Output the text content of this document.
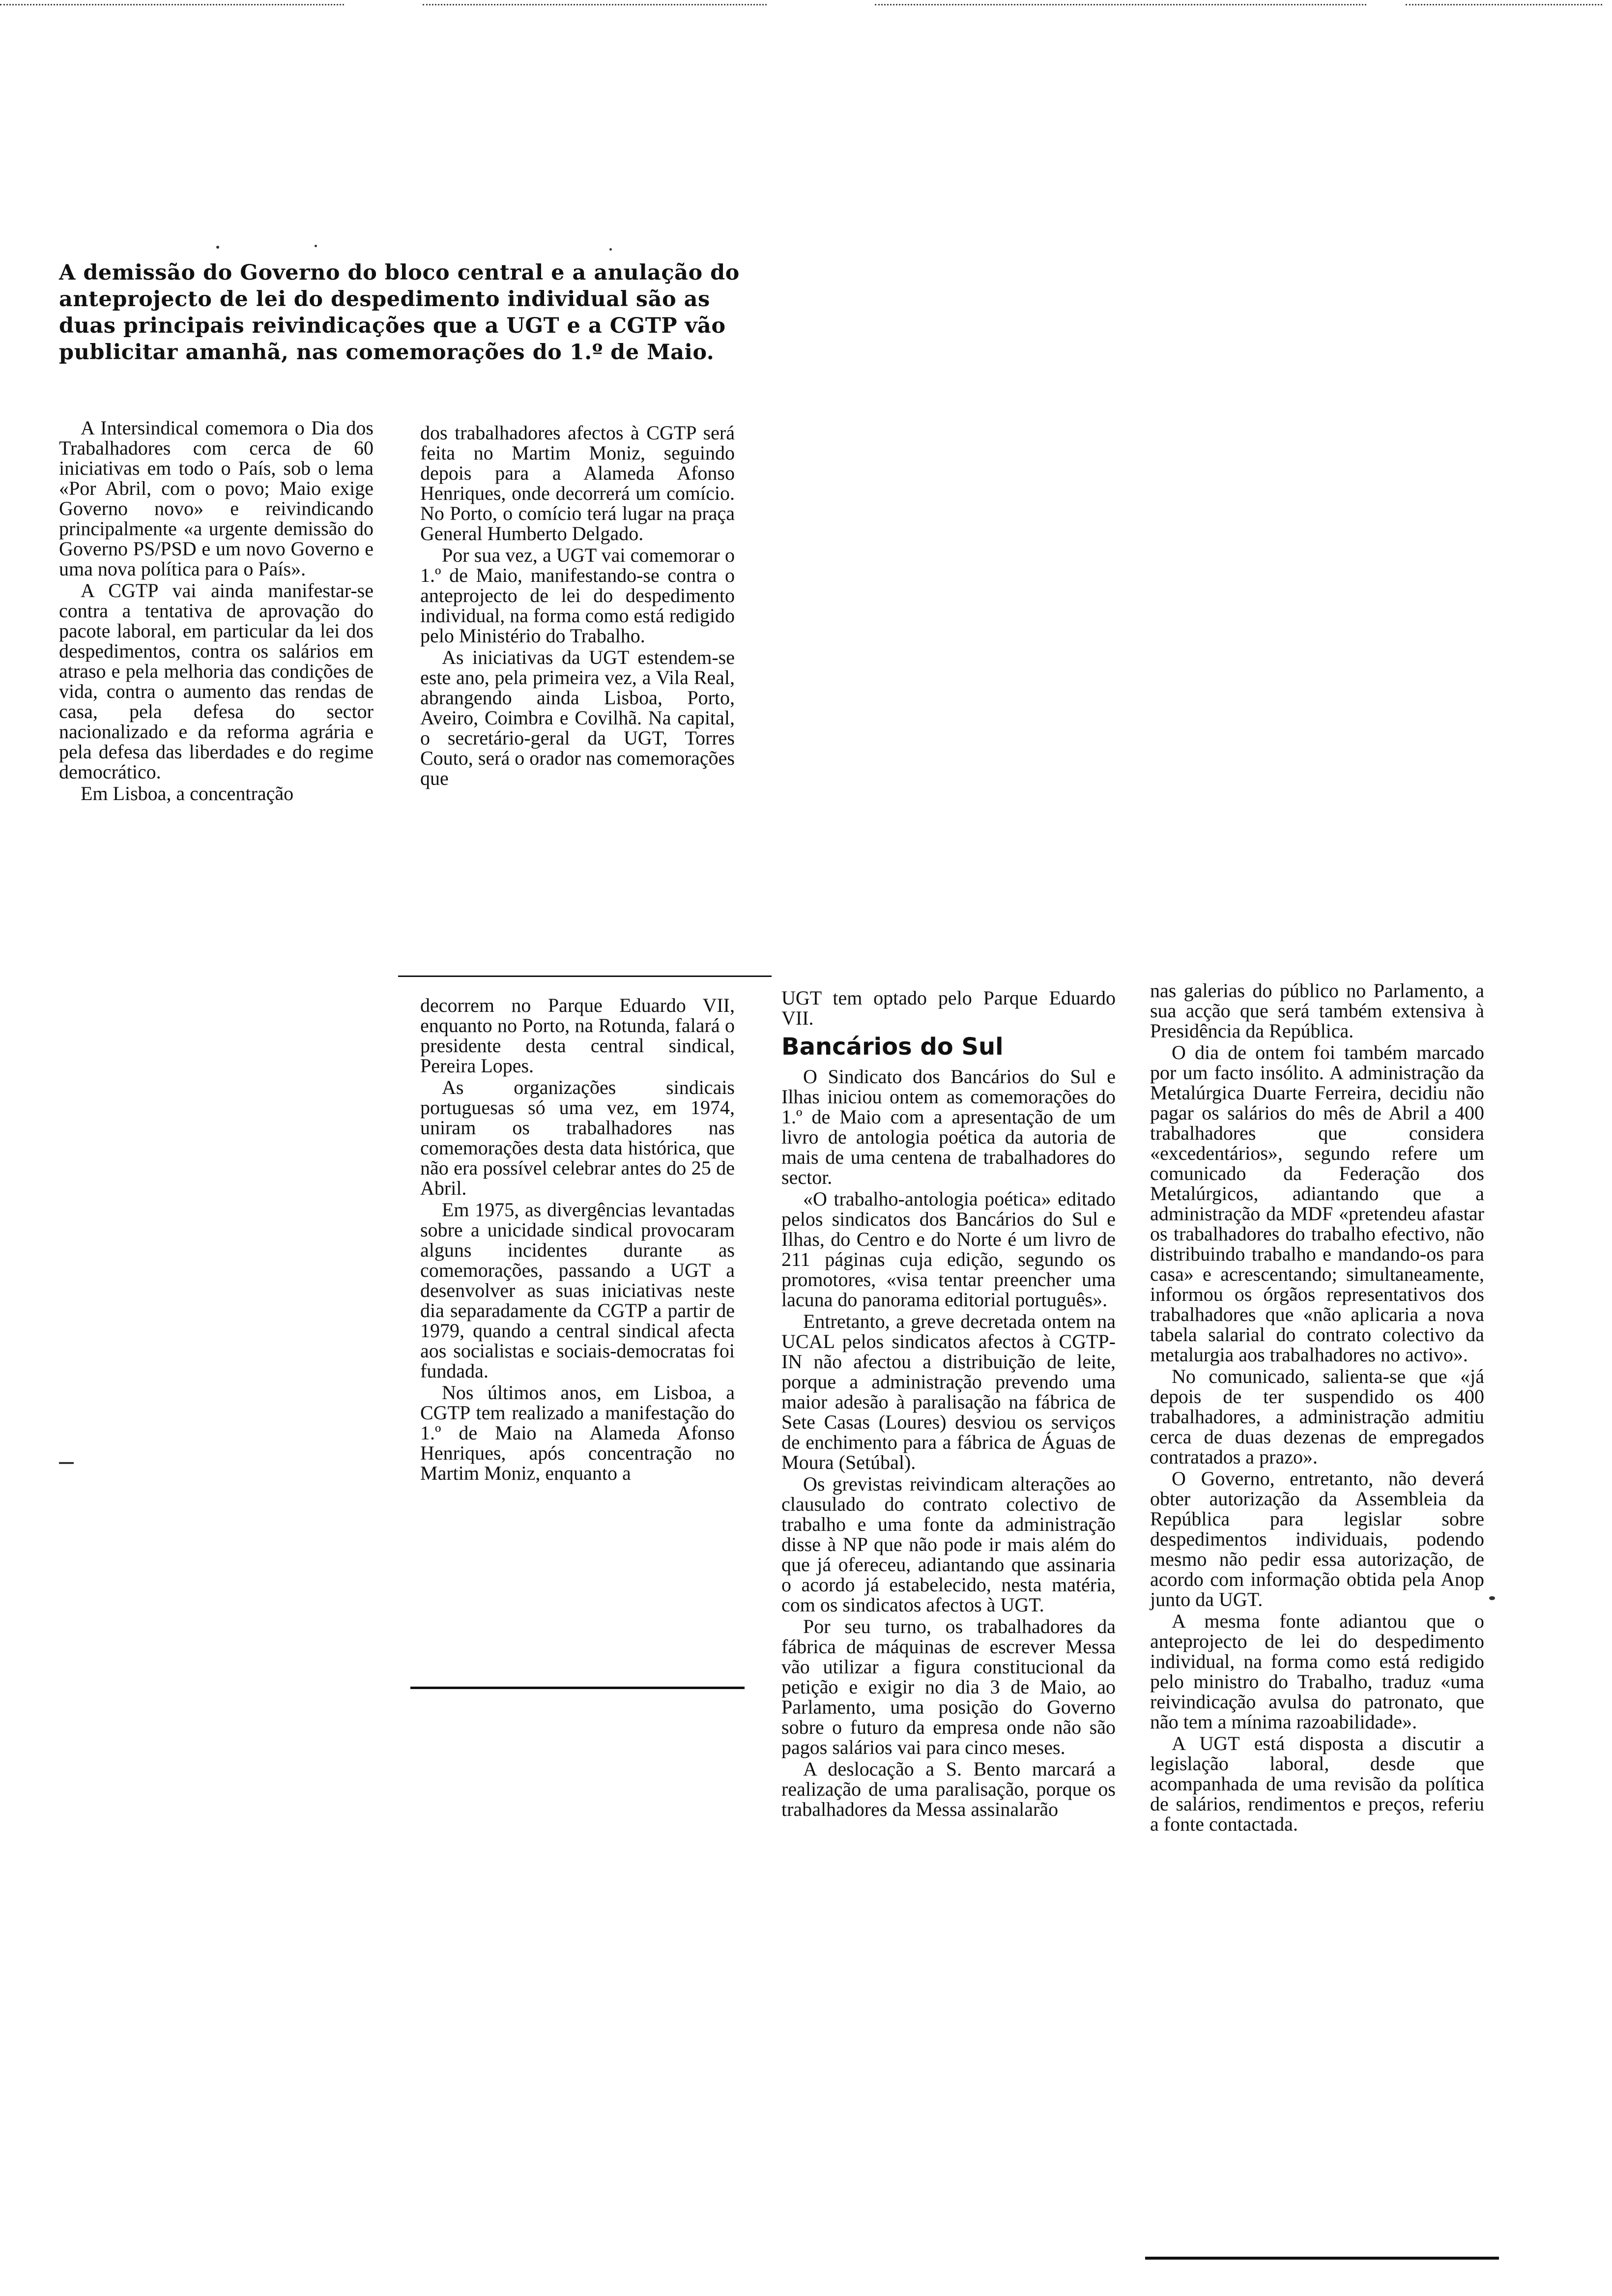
A demissão do Governo do bloco central e a anulação do anteprojecto de lei do despedimento individual são as duas principais reivindicações que a UGT e a CGTP vão publicitar amanhã, nas comemorações do 1.º de Maio.

A Intersindical comemora o Dia dos Trabalhadores com cerca de 60 iniciativas em todo o País, sob o lema «Por Abril, com o povo; Maio exige Governo novo» e reivindicando principalmente «a urgente demissão do Governo PS/PSD e um novo Governo e uma nova política para o País».

A CGTP vai ainda manifestar-se contra a tentativa de aprovação do pacote laboral, em particular da lei dos despedimentos, contra os salários em atraso e pela melhoria das condições de vida, contra o aumento das rendas de casa, pela defesa do sector nacionalizado e da reforma agrária e pela defesa das liberdades e do regime democrático.

Em Lisboa, a concentração

dos trabalhadores afectos à CGTP será feita no Martim Moniz, seguindo depois para a Alameda Afonso Henriques, onde decorrerá um comício. No Porto, o comício terá lugar na praça General Humberto Delgado.

Por sua vez, a UGT vai comemorar o 1.º de Maio, manifestando-se contra o anteprojecto de lei do despedimento individual, na forma como está redigido pelo Ministério do Trabalho.

As iniciativas da UGT estendem-se este ano, pela primeira vez, a Vila Real, abrangendo ainda Lisboa, Porto, Aveiro, Coimbra e Covilhã. Na capital, o secretário-geral da UGT, Torres Couto, será o orador nas comemorações que

decorrem no Parque Eduardo VII, enquanto no Porto, na Rotunda, falará o presidente desta central sindical, Pereira Lopes.

As organizações sindicais portuguesas só uma vez, em 1974, uniram os trabalhadores nas comemorações desta data histórica, que não era possível celebrar antes do 25 de Abril.

Em 1975, as divergências levantadas sobre a unicidade sindical provocaram alguns incidentes durante as comemorações, passando a UGT a desenvolver as suas iniciativas neste dia separadamente da CGTP a partir de 1979, quando a central sindical afecta aos socialistas e sociais-democratas foi fundada.

Nos últimos anos, em Lisboa, a CGTP tem realizado a manifestação do 1.º de Maio na Alameda Afonso Henriques, após concentração no Martim Moniz, enquanto a

UGT tem optado pelo Parque Eduardo VII.

Bancários do Sul

O Sindicato dos Bancários do Sul e Ilhas iniciou ontem as comemorações do 1.º de Maio com a apresentação de um livro de antologia poética da autoria de mais de uma centena de trabalhadores do sector.

«O trabalho-antologia poética» editado pelos sindicatos dos Bancários do Sul e Ilhas, do Centro e do Norte é um livro de 211 páginas cuja edição, segundo os promotores, «visa tentar preencher uma lacuna do panorama editorial português».

Entretanto, a greve decretada ontem na UCAL pelos sindicatos afectos à CGTP-IN não afectou a distribuição de leite, porque a administração prevendo uma maior adesão à paralisação na fábrica de Sete Casas (Loures) desviou os serviços de enchimento para a fábrica de Águas de Moura (Setúbal).

Os grevistas reivindicam alterações ao clausulado do contrato colectivo de trabalho e uma fonte da administração disse à NP que não pode ir mais além do que já ofereceu, adiantando que assinaria o acordo já estabelecido, nesta matéria, com os sindicatos afectos à UGT.

Por seu turno, os trabalhadores da fábrica de máquinas de escrever Messa vão utilizar a figura constitucional da petição e exigir no dia 3 de Maio, ao Parlamento, uma posição do Governo sobre o futuro da empresa onde não são pagos salários vai para cinco meses.

A deslocação a S. Bento marcará a realização de uma paralisação, porque os trabalhadores da Messa assinalarão

nas galerias do público no Parlamento, a sua acção que será também extensiva à Presidência da República.

O dia de ontem foi também marcado por um facto insólito. A administração da Metalúrgica Duarte Ferreira, decidiu não pagar os salários do mês de Abril a 400 trabalhadores que considera «excedentários», segundo refere um comunicado da Federação dos Metalúrgicos, adiantando que a administração da MDF «pretendeu afastar os trabalhadores do trabalho efectivo, não distribuindo trabalho e mandando-os para casa» e acrescentando; simultaneamente, informou os órgãos representativos dos trabalhadores que «não aplicaria a nova tabela salarial do contrato colectivo da metalurgia aos trabalhadores no activo».

No comunicado, salienta-se que «já depois de ter suspendido os 400 trabalhadores, a administração admitiu cerca de duas dezenas de empregados contratados a prazo».

O Governo, entretanto, não deverá obter autorização da Assembleia da República para legislar sobre despedimentos individuais, podendo mesmo não pedir essa autorização, de acordo com informação obtida pela Anop junto da UGT.

A mesma fonte adiantou que o anteprojecto de lei do despedimento individual, na forma como está redigido pelo ministro do Trabalho, traduz «uma reivindicação avulsa do patronato, que não tem a mínima razoabilidade».

A UGT está disposta a discutir a legislação laboral, desde que acompanhada de uma revisão da política de salários, rendimentos e preços, referiu a fonte contactada.
